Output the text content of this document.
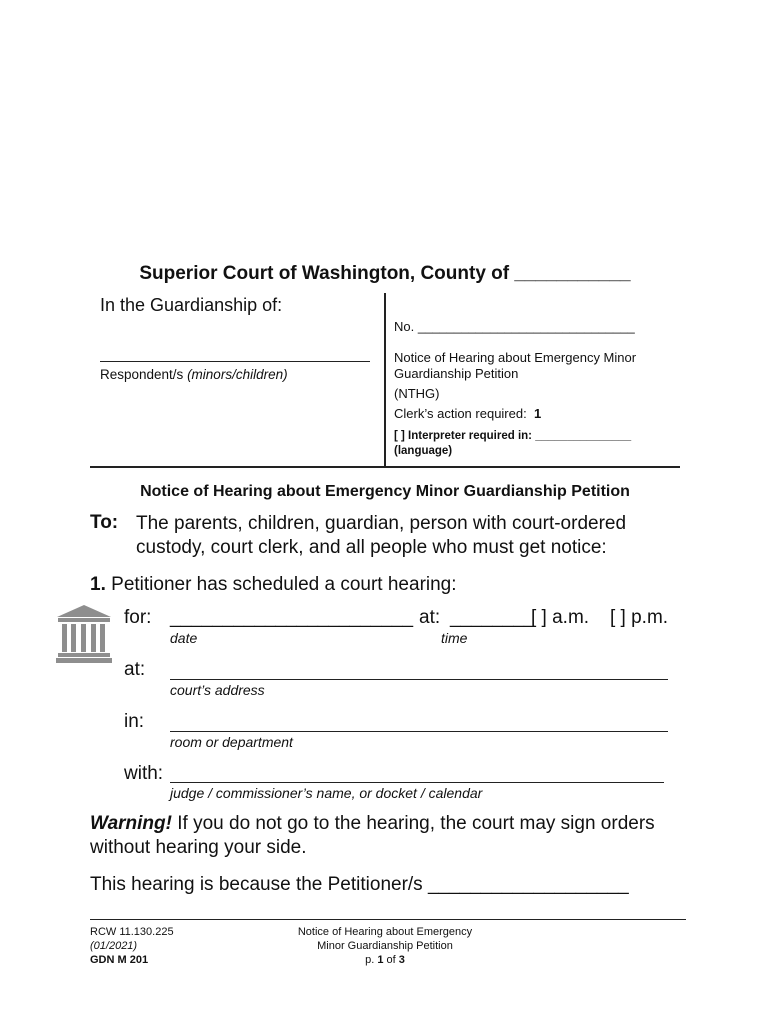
Superior Court of Washington, County of ___________
In the Guardianship of:
No. ______________________________
Respondent/s (minors/children)
Notice of Hearing about Emergency Minor
Guardianship Petition
(NTHG)
Clerk’s action required: 1
[ ] Interpreter required in: _______________
(language)
Notice of Hearing about Emergency Minor Guardianship Petition
To: The parents, children, guardian, person with court-ordered custody, court clerk, and all people who must get notice:
1. Petitioner has scheduled a court hearing:
for: _______________________ at: ________
[ ] a.m. [ ] p.m.
date	time
at:
court’s address
in:
room or department
with:
judge / commissioner’s name, or docket / calendar
Warning! If you do not go to the hearing, the court may sign orders without hearing your side.
This hearing is because the Petitioner/s ___________________
RCW 11.130.225
(01/2021)
GDN M 201
Notice of Hearing about Emergency
Minor Guardianship Petition
p. 1 of 3
